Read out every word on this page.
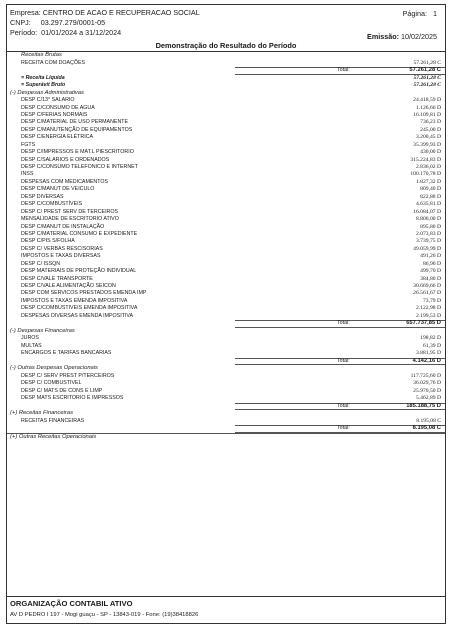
Empresa: CENTRO DE ACAO E RECUPERACAO SOCIAL
CNPJ: 03.297.279/0001-05
Período: 01/01/2024 a 31/12/2024
Página: 1
Emissão: 10/02/2025
Demonstração do Resultado do Período
Receitas Brutas
RECEITA COM DOAÇÕES	57.261,28 C
Total:	57.261,28 C
= Receita Líquida	57.261,28 C
= Superávit Bruto	57.261,28 C
(-) Despesas Administrativas
DESP C/13° SALARIO	24.418,59 D
DESP C/CONSUMO DE AGUA	1.126,66 D
DESP C/FERIAS NORMAIS	16.109,81 D
DESP C/MATERIAL DE USO PERMANENTE	736,23 D
DESP C/MANUTENÇÃO DE EQUIPAMENTOS	245,00 D
DESP C/ENERGIA ELÉTRICA	3.200,45 D
FGTS	35.399,93 D
DESP C/IMPRESSOS E MAT.L PIESCRITORIO	430,00 D
DESP C/SALARIOS E ORDENADOS	315.224,83 D
DESP C/CONSUMO TELEFONICO E INTERNET	2.836,02 D
INSS	100.170,78 D
DESPESAS COM MEDICAMENTOS	1.827,32 D
DESP C/MANUT DE VEICULO	809,40 D
DESP DIVERSAS	822,88 D
DESP C/COMBUSTÍVEIS	4.635,81 D
DESP C/ PREST SERV DE TERCEIROS	16.084,07 D
MENSALIDADE DE ESCRITORIO ATIVO	8.800,00 D
DESP C/MANUT DE INSTALAÇÃO	895,80 D
DESP C/MATERIAL CONSUMO E EXPEDIENTE	2.073,83 D
DESP C/PIS S/FOLHA	3.739,75 D
DESP C/ VERBAS RESCISORIAS	49.059,99 D
IMPOSTOS E TAXAS DIVERSAS	491,26 D
DESP C/ ISSQN	86,90 D
DESP MATERIAIS DE PROTEÇÃO INDIVIDUAL	499,70 D
DESP C/VALE TRANSPORTE	384,80 D
DESP C/VALE ALIMENTAÇÃO SEICON	30.669,66 D
DESP COM SERVICOS PRESTADOS EMENDA IMP	26.561,67 D
IMPOSTOS E TAXAS EMENDA IMPOSITIVA	73,79 D
DESP C/COMBUSTIVEIS EMENDA IMPOSITIVA	2.122,98 D
DESPESAS DIVERSAS EMENDA IMPOSITIVA	2.199,53 D
Total:	657.737,85 D
(-) Despesas Financeiras
JUROS	198,82 D
MULTAS	61,39 D
ENCARGOS E TARIFAS BANCARIAS	3.881,95 D
Total:	4.142,16 D
(-) Outras Despesas Operacionais
DESP C/ SERV PREST P/TERCEIROS	117.725,60 D
DESP C/ COMBUSTIVEL	36.029,76 D
DESP C/ MATS DE CONS E LIMP	25.970,50 D
DESP MATS ESCRITORIO E IMPRESSOS	5.462,89 D
Total:	185.188,75 D
(+) Receitas Financeiras
RECEITAS FINANCEIRAS	8.195,08 C
Total:	8.195,08 C
(+) Outras Receitas Operacionais
ORGANIZAÇÃO CONTABIL ATIVO
AV D PEDRO I 197 - Mogi guaçu - SP - 13843-019 - Fone: (19)38418826
